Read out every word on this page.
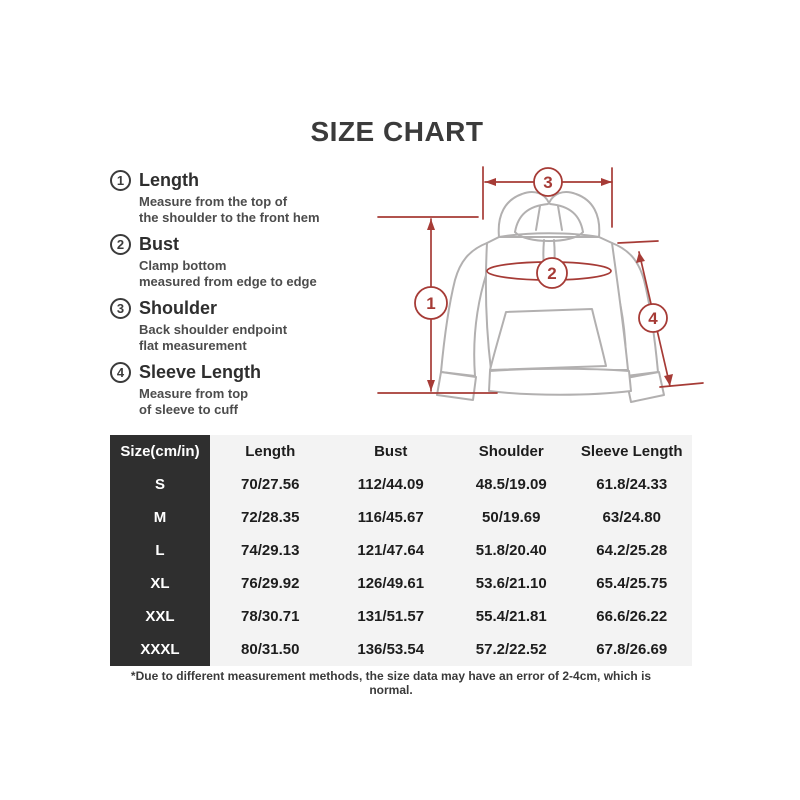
SIZE CHART
1 Length
Measure from the top of
the shoulder to the front hem
2 Bust
Clamp bottom
measured from edge to edge
3 Shoulder
Back shoulder endpoint
flat measurement
4 Sleeve Length
Measure from top
of sleeve to cuff
3
1
2
4
Size(cm/in)	Length	Bust	Shoulder	Sleeve Length
S	70/27.56	112/44.09	48.5/19.09	61.8/24.33
M	72/28.35	116/45.67	50/19.69	63/24.80
L	74/29.13	121/47.64	51.8/20.40	64.2/25.28
XL	76/29.92	126/49.61	53.6/21.10	65.4/25.75
XXL	78/30.71	131/51.57	55.4/21.81	66.6/26.22
XXXL	80/31.50	136/53.54	57.2/22.52	67.8/26.69
*Due to different measurement methods, the size data may have an error of 2-4cm, which is normal.
